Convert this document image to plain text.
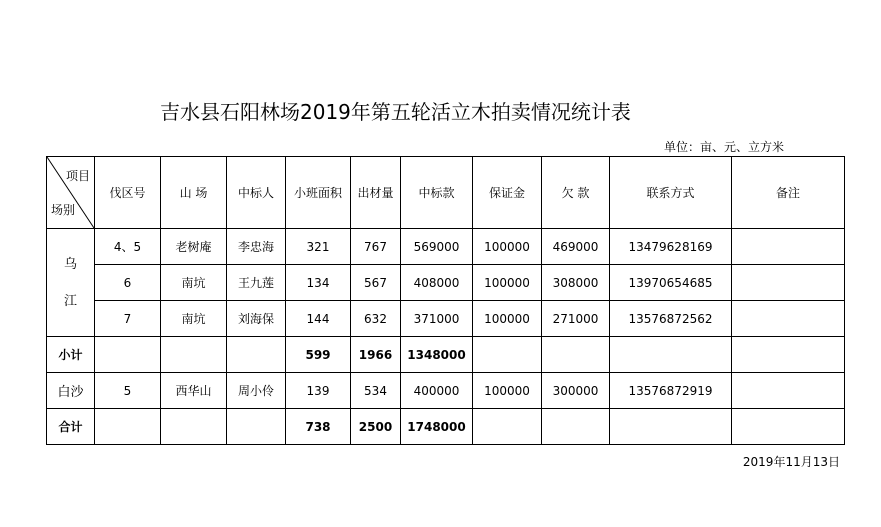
吉水县石阳林场2019年第五轮活立木拍卖情况统计表
单位：亩、元、立方米
项目
场别	伐区号	山 场	中标人	小班面积	出材量	中标款	保证金	欠 款	联系方式	备注

乌
江	4、5	老树庵	李忠海	321	767	569000	100000	469000	13479628169	
	6	南坑	王九莲	134	567	408000	100000	308000	13970654685	
	7	南坑	刘海保	144	632	371000	100000	271000	13576872562	
小计				599	1966	1348000				
白沙	5	西华山	周小伶	139	534	400000	100000	300000	13576872919	
合计				738	2500	1748000				
2019年11月13日
